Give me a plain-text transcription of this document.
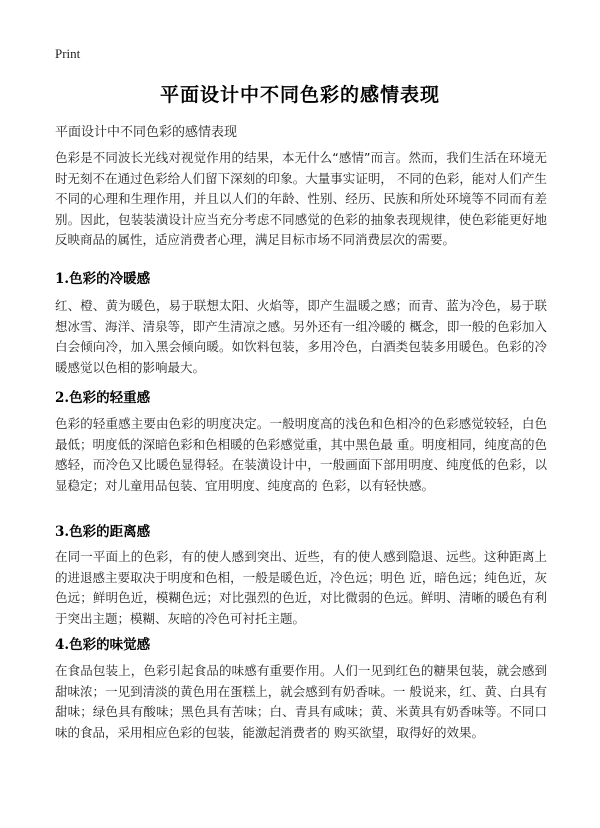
Print
平面设计中不同色彩的感情表现
平面设计中不同色彩的感情表现

色彩是不同波长光线对视觉作用的结果，本无什么“感情”而言。然而，我们生活在环境无时无刻不在通过色彩给人们留下深刻的印象。大量事实证明， 不同的色彩，能对人们产生不同的心理和生理作用，并且以人们的年龄、性别、经历、民族和所处环境等不同而有差别。因此，包装装潢设计应当充分考虑不同感觉的色彩的抽象表现规律，使色彩能更好地反映商品的属性，适应消费者心理，满足目标市场不同消费层次的需要。

1.色彩的冷暖感

红、橙、黄为暖色，易于联想太阳、火焰等，即产生温暖之感；而青、蓝为冷色，易于联想冰雪、海洋、清泉等，即产生清凉之感。另外还有一组冷暖的 概念，即一般的色彩加入白会倾向冷，加入黑会倾向暖。如饮料包装，多用冷色，白酒类包装多用暖色。色彩的冷暖感觉以色相的影响最大。

2.色彩的轻重感

色彩的轻重感主要由色彩的明度决定。一般明度高的浅色和色相冷的色彩感觉较轻，白色最低；明度低的深暗色彩和色相暖的色彩感觉重，其中黑色最 重。明度相同，纯度高的色感轻，而冷色又比暖色显得轻。在装潢设计中，一般画面下部用明度、纯度低的色彩，以显稳定；对儿童用品包装、宜用明度、纯度高的 色彩，以有轻快感。

3.色彩的距离感

在同一平面上的色彩，有的使人感到突出、近些，有的使人感到隐退、远些。这种距离上的进退感主要取决于明度和色相，一般是暖色近，冷色远；明色 近，暗色远；纯色近，灰色远；鲜明色近，模糊色远；对比强烈的色近，对比微弱的色远。鲜明、清晰的暖色有利于突出主题；模糊、灰暗的冷色可衬托主题。

4.色彩的味觉感

在食品包装上，色彩引起食品的味感有重要作用。人们一见到红色的糖果包装，就会感到甜味浓；一见到清淡的黄色用在蛋糕上，就会感到有奶香味。一 般说来，红、黄、白具有甜味；绿色具有酸味；黑色具有苦味；白、青具有咸味；黄、米黄具有奶香味等。不同口味的食品，采用相应色彩的包装，能激起消费者的 购买欲望，取得好的效果。
